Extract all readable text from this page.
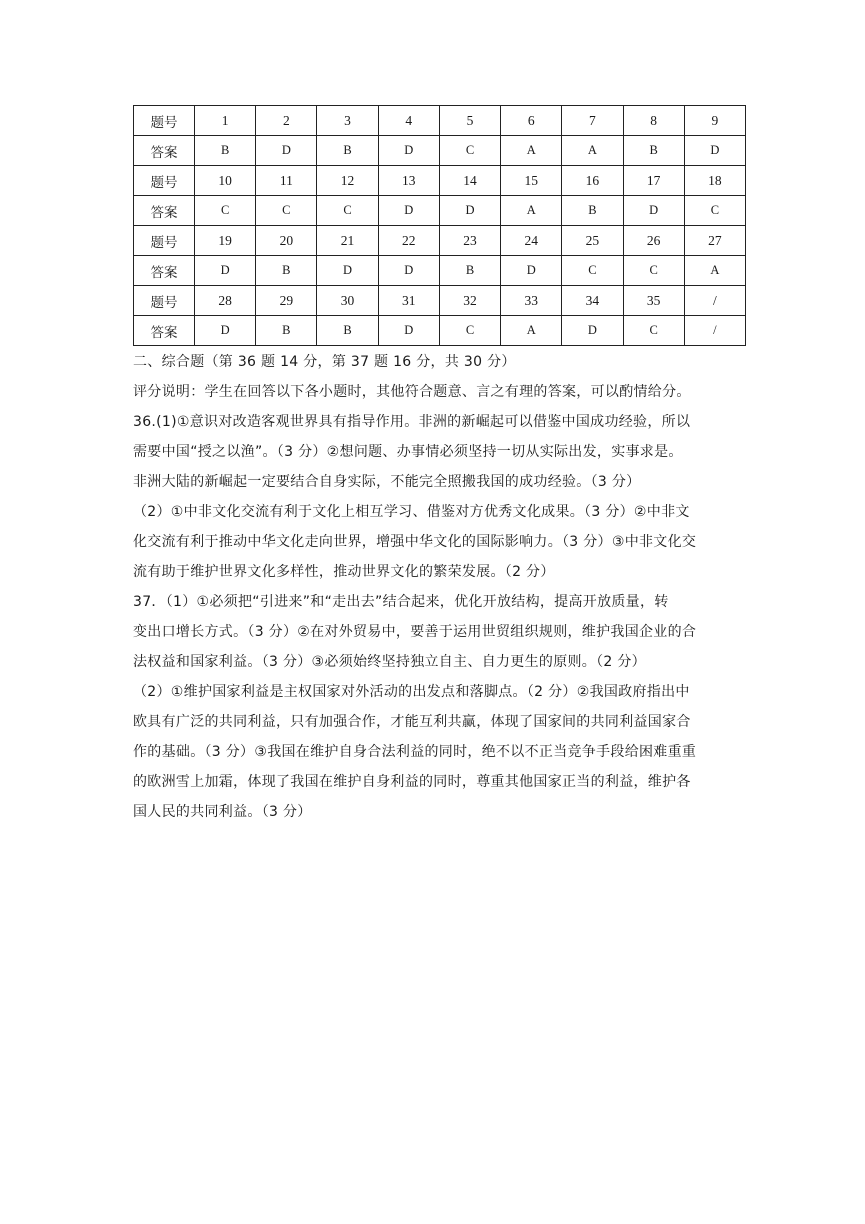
题号	1	2	3	4	5	6	7	8	9
答案	B	D	B	D	C	A	A	B	D
题号	10	11	12	13	14	15	16	17	18
答案	C	C	C	D	D	A	B	D	C
题号	19	20	21	22	23	24	25	26	27
答案	D	B	D	D	B	D	C	C	A
题号	28	29	30	31	32	33	34	35	/
答案	D	B	B	D	C	A	D	C	/
二、综合题（第 36 题 14 分，第 37 题 16 分，共 30 分）
评分说明：学生在回答以下各小题时，其他符合题意、言之有理的答案，可以酌情给分。
36.(1)①意识对改造客观世界具有指导作用。非洲的新崛起可以借鉴中国成功经验，所以
需要中国“授之以渔”。（3 分）②想问题、办事情必须坚持一切从实际出发，实事求是。
非洲大陆的新崛起一定要结合自身实际，不能完全照搬我国的成功经验。（3 分）
（2）①中非文化交流有利于文化上相互学习、借鉴对方优秀文化成果。（3 分）②中非文
化交流有利于推动中华文化走向世界，增强中华文化的国际影响力。（3 分）③中非文化交
流有助于维护世界文化多样性，推动世界文化的繁荣发展。（2 分）
37．（1）①必须把“引进来”和“走出去”结合起来，优化开放结构，提高开放质量，转
变出口增长方式。（3 分）②在对外贸易中，要善于运用世贸组织规则，维护我国企业的合
法权益和国家利益。（3 分）③必须始终坚持独立自主、自力更生的原则。（2 分）
（2）①维护国家利益是主权国家对外活动的出发点和落脚点。（2 分）②我国政府指出中
欧具有广泛的共同利益，只有加强合作，才能互利共赢，体现了国家间的共同利益国家合
作的基础。（3 分）③我国在维护自身合法利益的同时，绝不以不正当竞争手段给困难重重
的欧洲雪上加霜，体现了我国在维护自身利益的同时，尊重其他国家正当的利益，维护各
国人民的共同利益。（3 分）
